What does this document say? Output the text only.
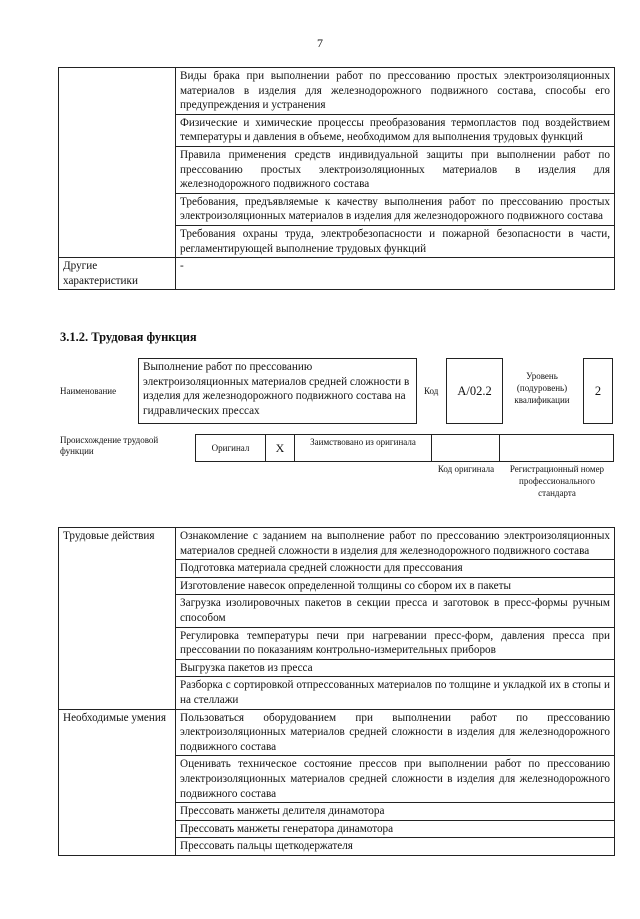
7
	Виды брака при выполнении работ по прессованию простых электроизоляционных материалов в изделия для железнодорожного подвижного состава, способы его предупреждения и устранения
	Физические и химические процессы преобразования термопластов под воздействием температуры и давления в объеме, необходимом для выполнения трудовых функций
	Правила применения средств индивидуальной защиты при выполнении работ по прессованию простых электроизоляционных материалов в изделия для железнодорожного подвижного состава
	Требования, предъявляемые к качеству выполнения работ по прессованию простых электроизоляционных материалов в изделия для железнодорожного подвижного состава
	Требования охраны труда, электробезопасности и пожарной безопасности в части, регламентирующей выполнение трудовых функций
Другие характеристики	-
3.1.2. Трудовая функция
Наименование
Выполнение работ по прессованию электроизоляционных материалов средней сложности в изделия для железнодорожного подвижного состава на гидравлических прессах
Код	А/02.2
Уровень (подуровень) квалификации
2
Происхождение трудовой функции	Оригинал	X	Заимствовано из оригинала
Код оригинала	Регистрационный номер профессионального стандарта
Трудовые действия	Ознакомление с заданием на выполнение работ по прессованию электроизоляционных материалов средней сложности в изделия для железнодорожного подвижного состава
	Подготовка материала средней сложности для прессования
	Изготовление навесок определенной толщины со сбором их в пакеты
	Загрузка изолировочных пакетов в секции пресса и заготовок в пресс-формы ручным способом
	Регулировка температуры печи при нагревании пресс-форм, давления пресса при прессовании по показаниям контрольно-измерительных приборов
	Выгрузка пакетов из пресса
	Разборка с сортировкой отпрессованных материалов по толщине и укладкой их в стопы и на стеллажи
Необходимые умения	Пользоваться оборудованием при выполнении работ по прессованию электроизоляционных материалов средней сложности в изделия для железнодорожного подвижного состава
	Оценивать техническое состояние прессов при выполнении работ по прессованию электроизоляционных материалов средней сложности в изделия для железнодорожного подвижного состава
	Прессовать манжеты делителя динамотора
	Прессовать манжеты генератора динамотора
	Прессовать пальцы щеткодержателя
